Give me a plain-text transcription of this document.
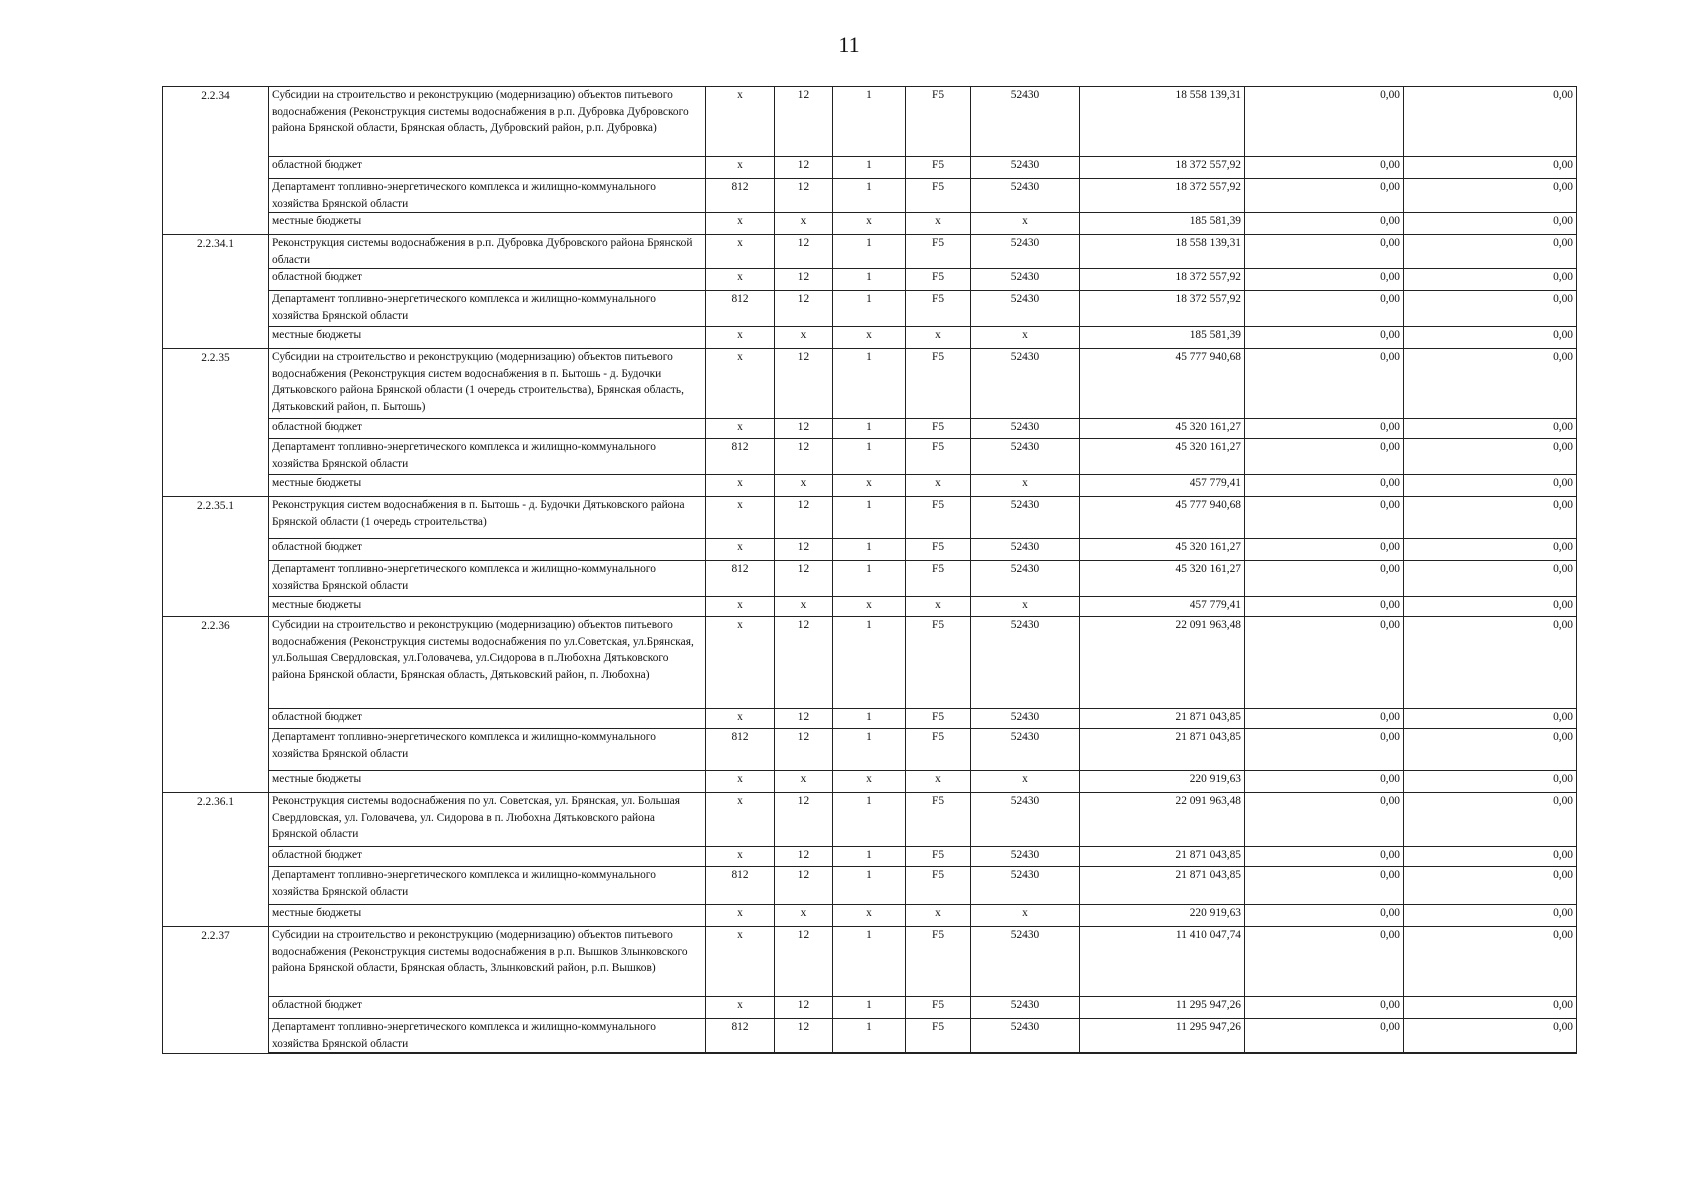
11
2.2.34	Субсидии на строительство и реконструкцию (модернизацию) объектов питьевого водоснабжения (Реконструкция системы водоснабжения в р.п. Дубровка Дубровского района Брянской области, Брянская область, Дубровский район, р.п. Дубровка)	x	12	1	F5	52430	18 558 139,31	0,00	0,00
	областной бюджет	x	12	1	F5	52430	18 372 557,92	0,00	0,00
	Департамент топливно-энергетического комплекса и жилищно-коммунального хозяйства Брянской области	812	12	1	F5	52430	18 372 557,92	0,00	0,00
	местные бюджеты	x	x	x	x	x	185 581,39	0,00	0,00
2.2.34.1	Реконструкция системы водоснабжения в р.п. Дубровка Дубровского района Брянской области	x	12	1	F5	52430	18 558 139,31	0,00	0,00
	областной бюджет	x	12	1	F5	52430	18 372 557,92	0,00	0,00
	Департамент топливно-энергетического комплекса и жилищно-коммунального хозяйства Брянской области	812	12	1	F5	52430	18 372 557,92	0,00	0,00
	местные бюджеты	x	x	x	x	x	185 581,39	0,00	0,00
2.2.35	Субсидии на строительство и реконструкцию (модернизацию) объектов питьевого водоснабжения (Реконструкция систем водоснабжения в п. Бытошь - д. Будочки Дятьковского района Брянской области (1 очередь строительства), Брянская область, Дятьковский район, п. Бытошь)	x	12	1	F5	52430	45 777 940,68	0,00	0,00
	областной бюджет	x	12	1	F5	52430	45 320 161,27	0,00	0,00
	Департамент топливно-энергетического комплекса и жилищно-коммунального хозяйства Брянской области	812	12	1	F5	52430	45 320 161,27	0,00	0,00
	местные бюджеты	x	x	x	x	x	457 779,41	0,00	0,00
2.2.35.1	Реконструкция систем водоснабжения в п. Бытошь - д. Будочки Дятьковского района Брянской области (1 очередь строительства)	x	12	1	F5	52430	45 777 940,68	0,00	0,00
	областной бюджет	x	12	1	F5	52430	45 320 161,27	0,00	0,00
	Департамент топливно-энергетического комплекса и жилищно-коммунального хозяйства Брянской области	812	12	1	F5	52430	45 320 161,27	0,00	0,00
	местные бюджеты	x	x	x	x	x	457 779,41	0,00	0,00
2.2.36	Субсидии на строительство и реконструкцию (модернизацию) объектов питьевого водоснабжения (Реконструкция системы водоснабжения по ул.Советская, ул.Брянская, ул.Большая Свердловская, ул.Головачева, ул.Сидорова в п.Любохна Дятьковского района Брянской области, Брянская область, Дятьковский район, п. Любохна)	x	12	1	F5	52430	22 091 963,48	0,00	0,00
	областной бюджет	x	12	1	F5	52430	21 871 043,85	0,00	0,00
	Департамент топливно-энергетического комплекса и жилищно-коммунального хозяйства Брянской области	812	12	1	F5	52430	21 871 043,85	0,00	0,00
	местные бюджеты	x	x	x	x	x	220 919,63	0,00	0,00
2.2.36.1	Реконструкция системы водоснабжения по ул. Советская, ул. Брянская, ул. Большая Свердловская, ул. Головачева, ул. Сидорова в п. Любохна Дятьковского района Брянской области	x	12	1	F5	52430	22 091 963,48	0,00	0,00
	областной бюджет	x	12	1	F5	52430	21 871 043,85	0,00	0,00
	Департамент топливно-энергетического комплекса и жилищно-коммунального хозяйства Брянской области	812	12	1	F5	52430	21 871 043,85	0,00	0,00
	местные бюджеты	x	x	x	x	x	220 919,63	0,00	0,00
2.2.37	Субсидии на строительство и реконструкцию (модернизацию) объектов питьевого водоснабжения (Реконструкция системы водоснабжения в р.п. Вышков Злынковского района Брянской области, Брянская область, Злынковский район, р.п. Вышков)	x	12	1	F5	52430	11 410 047,74	0,00	0,00
	областной бюджет	x	12	1	F5	52430	11 295 947,26	0,00	0,00
	Департамент топливно-энергетического комплекса и жилищно-коммунального хозяйства Брянской области	812	12	1	F5	52430	11 295 947,26	0,00	0,00
